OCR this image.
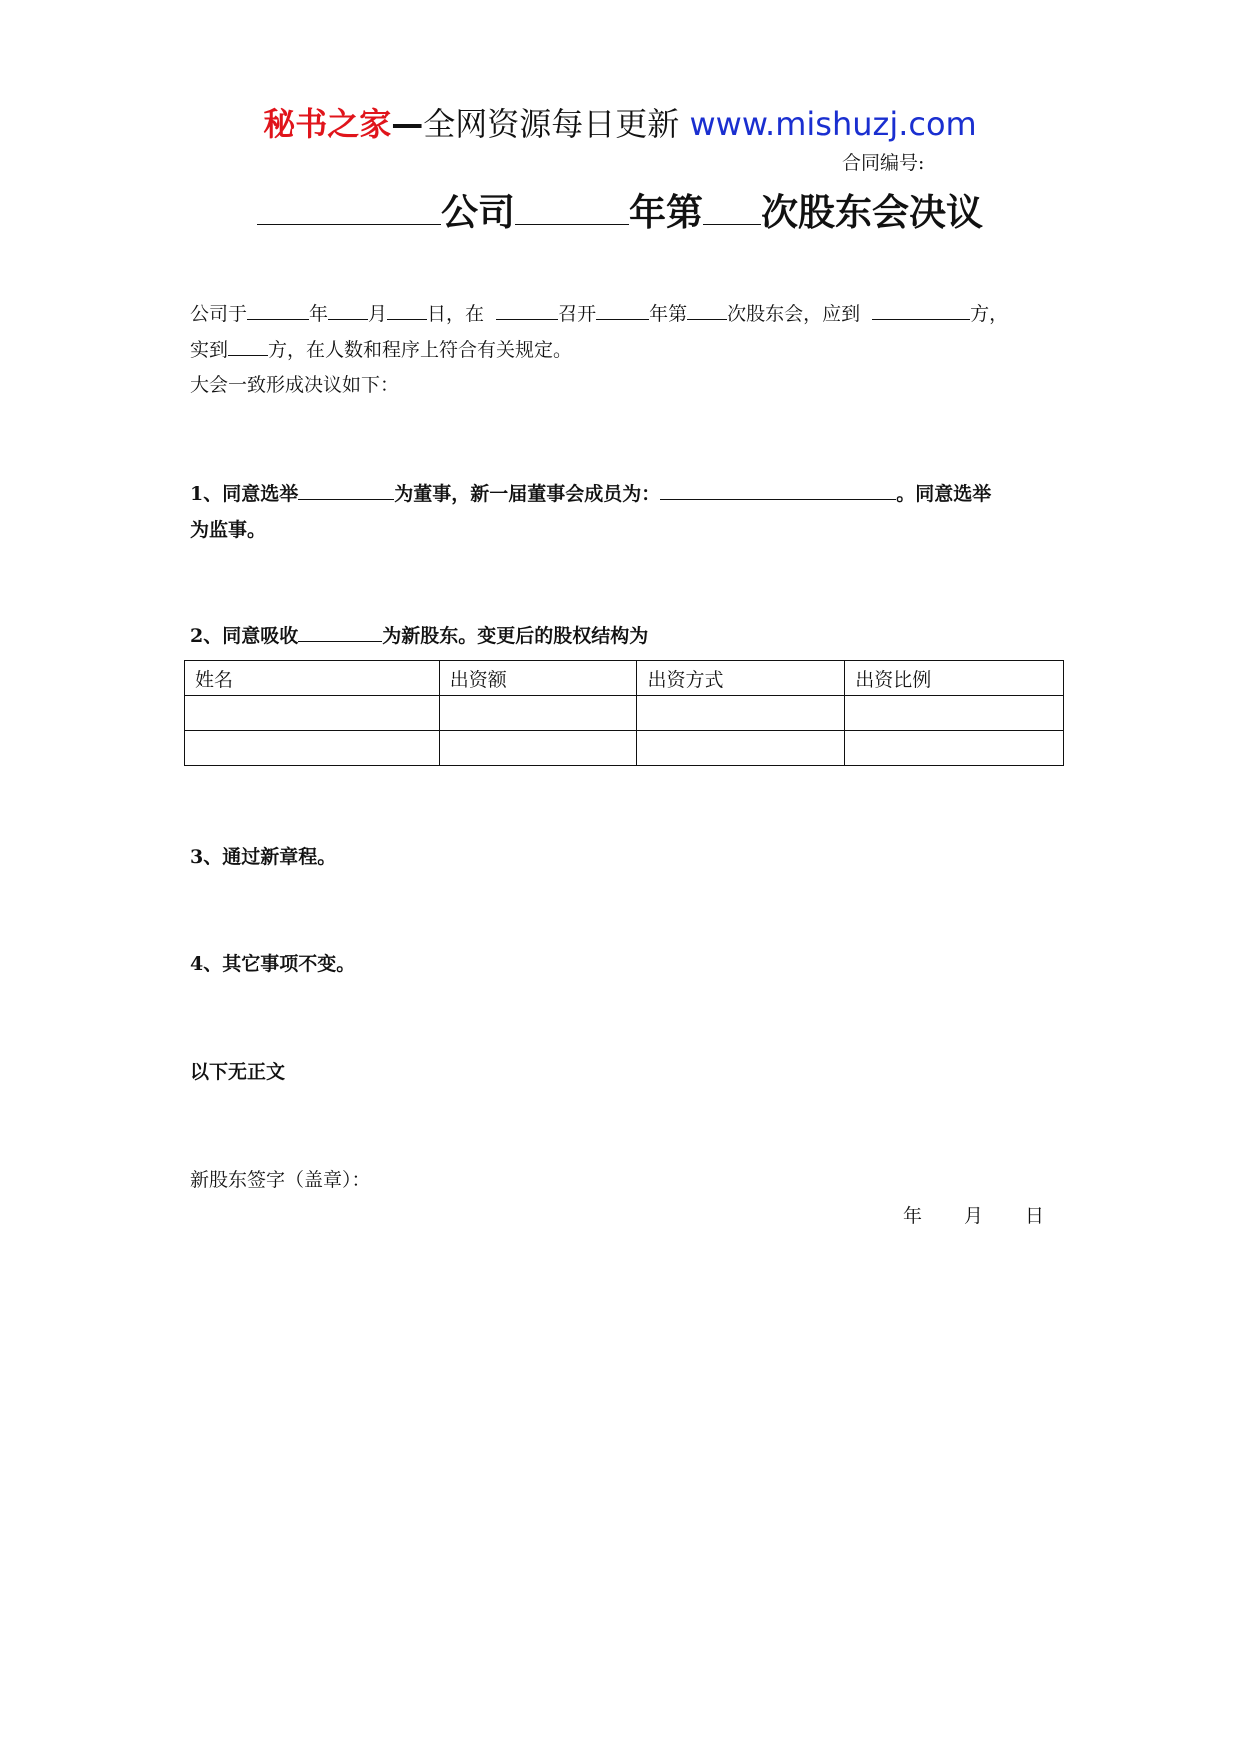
秘书之家—全网资源每日更新 www.mishuzj.com
合同编号:
公司	年第 次股东会决议
公司于	年 月 日，在	召开	年第 次股东会，应到	方，
实到 方，在人数和程序上符合有关规定。
大会一致形成决议如下：
1、同意选举	为董事，新一届董事会成员为：	。同意选举
为监事。
2、同意吸收	为新股东。变更后的股权结构为
姓名	出资额	出资方式	出资比例

3、通过新章程。
4、其它事项不变。
以下无正文
新股东签字（盖章）：
年 月 日
